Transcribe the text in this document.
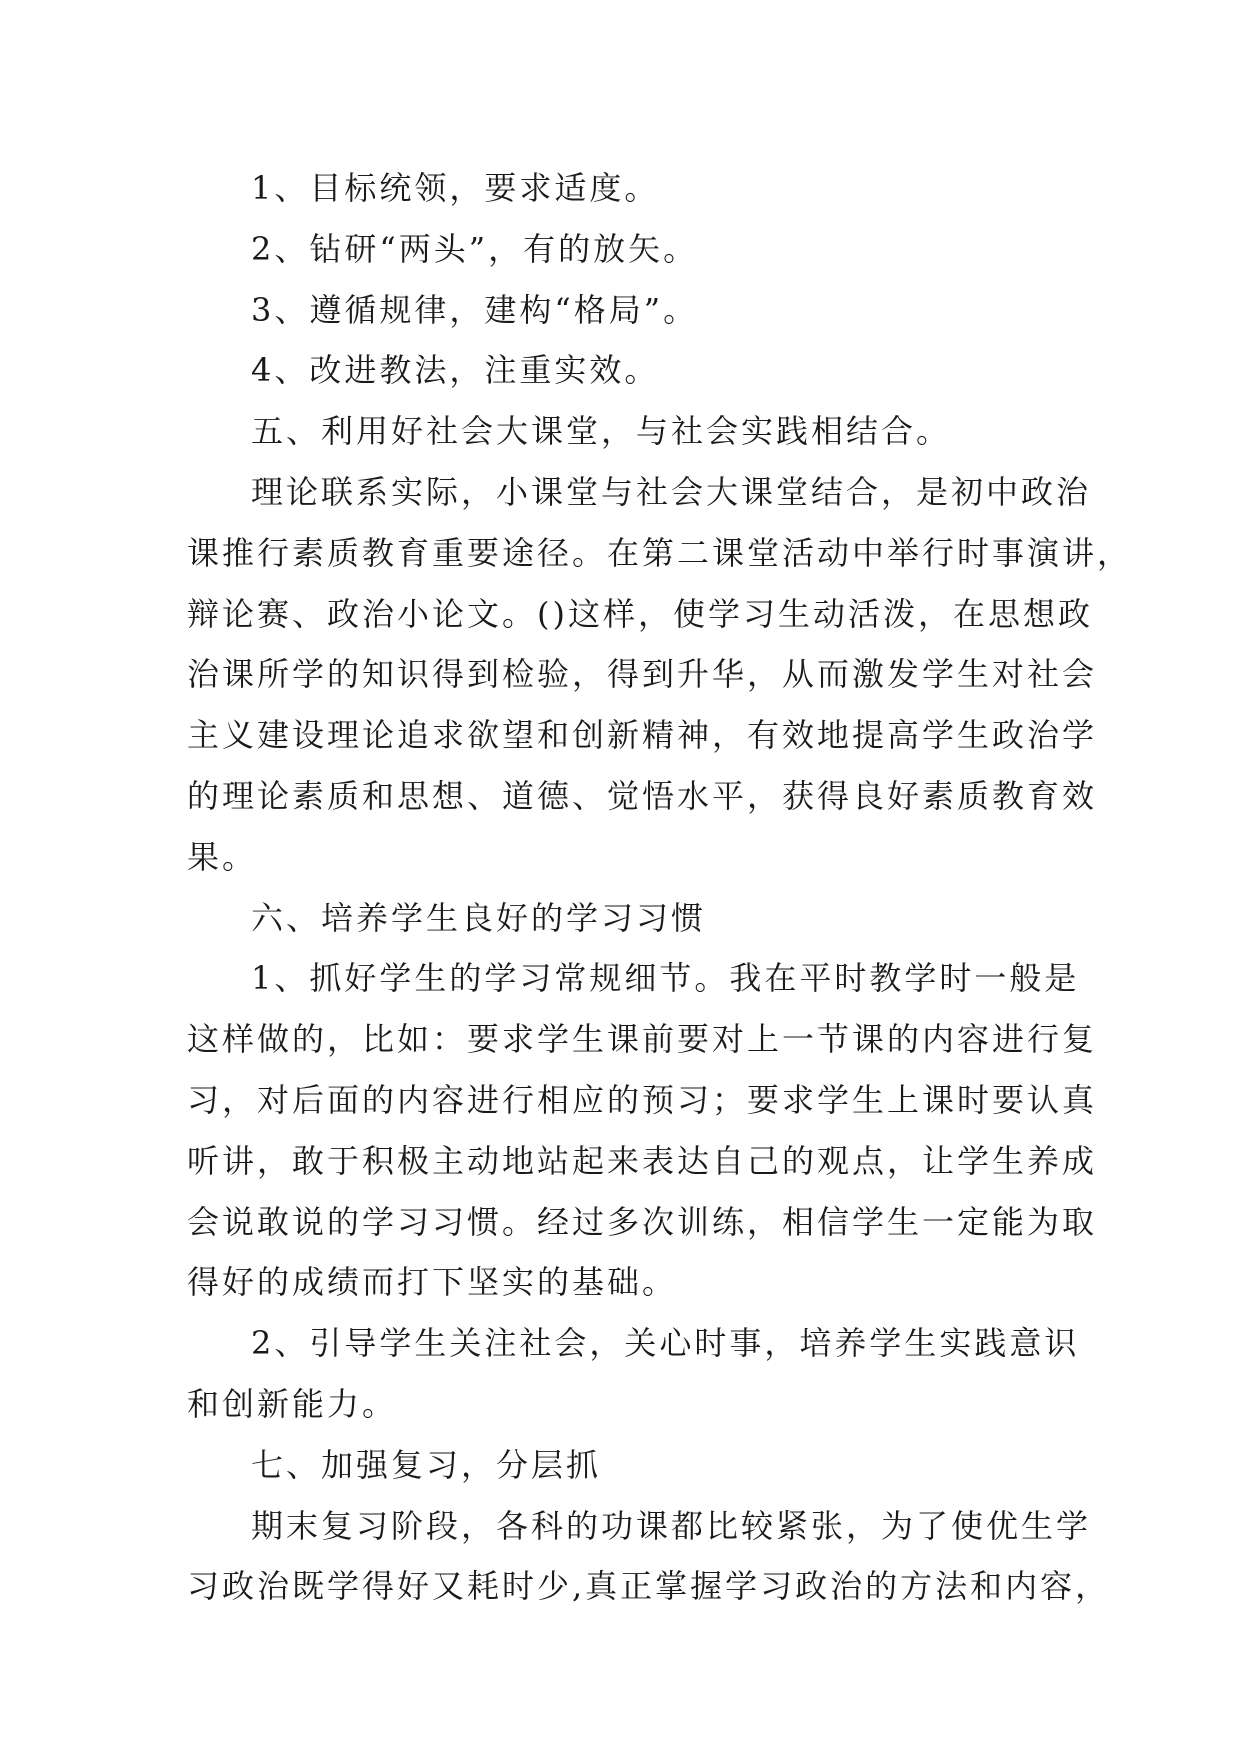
1、目标统领，要求适度。
2、钻研“两头”，有的放矢。
3、遵循规律，建构“格局”。
4、改进教法，注重实效。
五、利用好社会大课堂，与社会实践相结合。
理论联系实际，小课堂与社会大课堂结合，是初中政治
课推行素质教育重要途径。在第二课堂活动中举行时事演讲，
辩论赛、政治小论文。()这样，使学习生动活泼，在思想政
治课所学的知识得到检验，得到升华，从而激发学生对社会
主义建设理论追求欲望和创新精神，有效地提高学生政治学
的理论素质和思想、道德、觉悟水平，获得良好素质教育效
果。
六、培养学生良好的学习习惯
1、抓好学生的学习常规细节。我在平时教学时一般是
这样做的，比如：要求学生课前要对上一节课的内容进行复
习，对后面的内容进行相应的预习；要求学生上课时要认真
听讲，敢于积极主动地站起来表达自己的观点，让学生养成
会说敢说的学习习惯。经过多次训练，相信学生一定能为取
得好的成绩而打下坚实的基础。
2、引导学生关注社会，关心时事，培养学生实践意识
和创新能力。
七、加强复习，分层抓
期末复习阶段，各科的功课都比较紧张，为了使优生学
习政治既学得好又耗时少,真正掌握学习政治的方法和内容，
